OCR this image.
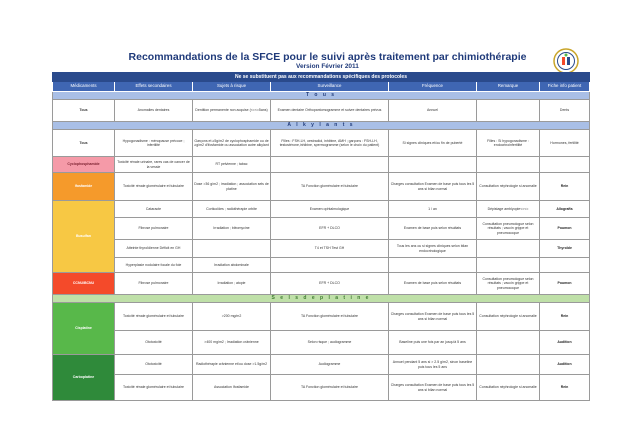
Recommandations de la SFCE pour le suivi après traitement par chimiothérapie
Version Février 2011
Ne se substituent pas aux recommandations spécifiques des protocoles						
Médicaments	Effets secondaires	Sujets à risque	Surveillance	Fréquence	Remarque	Fiche info patient
T o u s						
Tous	Anomalies dentaires	Dentition permanente non acquise (<=<=5ans)	Examen dentaire Orthopantomogramme et suivre dentaires prévus	Annuel		Dents
A l k y l a n t s						
Tous	Hypogonadisme : ménopause précoce ; infertilité	Garçons et ≥5g/m2 de cyclophosphamide ou de ≥g/m2 d'ifosfamide ou association autre alkylant	Filles : FSH-LH, oestradiol, inhibine, AMH ; garçons : FSH-LH, testostérone,inhibine, spermogramme (selon le choix du patient)	Si signes cliniques et/ou fin de puberté	Filles : Si hypogonadisme : endocrinoinfertilité	Hormones, fertilité
Cyclophosphamide	Toxicité rénale urinaire, rares cas de cancer de la vessie	RT pelvienne ; tabac				
Ifosfamide	Toxicité rénale glomérulaire et tubulaire	Dose >36 g/m2 ; irradiation ; association sels de platine	TA Fonction glomérulaire et tubulaire	Charges consultation Examen de base puis tous les 5 ans si bilan normal	Consultation néphrologie si anomalie	Rein
Busulfan	Cataracte	Corticoïdes ; radiothérapie orbite	Examen ophtalmologique	1 / an	Dépistage amblyopie<=<=	Allografts
	Fibrose pulmonaire	Irradiation ; bléomycine	EFR + DLCO	Examen de base puis selon résultats	Consultation pneumologue selon résultats ; vaccin grippe et pneumocoque	Poumon
	Atteinte thyroïdienne Déficit en GH		T4 et TSH Test GH	Tous les ans ou si signes cliniques selon bilan endocrinologique		Thyroïde
	Hyperplasie nodulaire focale du foie	Irradiation abdominale				
CCNU/BCNU	Fibrose pulmonaire	Irradiation ; atopie	EFR + DLCO	Examen de base puis selon résultats	Consultation pneumologue selon résultats ; vaccin grippe et pneumocoque	Poumon
S e l s d e p l a t i n e						
Cisplatine	Toxicité rénale glomérulaire et tubulaire	>200 mg/m2	TA Fonction glomérulaire et tubulaire	Charges consultation Examen de base puis tous les 5 ans si bilan normal	Consultation néphrologie si anomalie	Rein
	Ototoxicité	>400 mg/m2 ; Irradiation crânienne	Selon risque ; audiogramme	Baseline puis une fois par an jusqu'à 5 ans		Audition
Carboplatine	Ototoxicité	Radiothérapie crânienne et/ou dose >1.5g/m2	Audiogramme	Annuel pendant 5 ans si > 2.5 g/m2, sinon baseline puis tous les 5 ans		Audition
	Toxicité rénale glomérulaire et tubulaire	Association Ifosfamide	TA Fonction glomérulaire et tubulaire	Charges consultation Examen de base puis tous les 5 ans si bilan normal	Consultation néphrologie si anomalie	Rein
